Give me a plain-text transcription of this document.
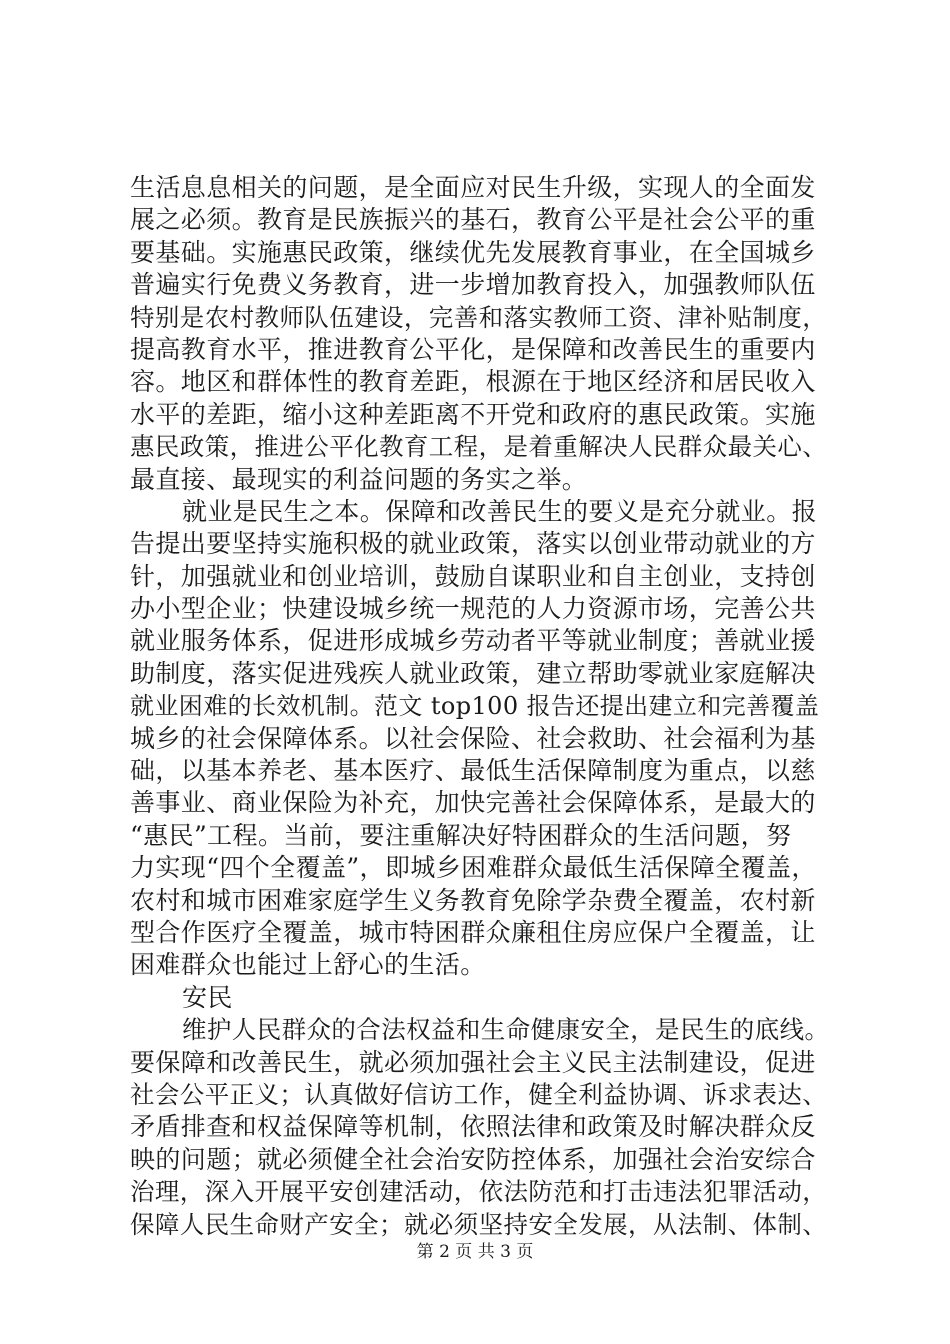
生活息息相关的问题，是全面应对民生升级，实现人的全面发
展之必须。教育是民族振兴的基石，教育公平是社会公平的重
要基础。实施惠民政策，继续优先发展教育事业，在全国城乡
普遍实行免费义务教育，进一步增加教育投入，加强教师队伍
特别是农村教师队伍建设，完善和落实教师工资、津补贴制度，
提高教育水平，推进教育公平化，是保障和改善民生的重要内
容。地区和群体性的教育差距，根源在于地区经济和居民收入
水平的差距，缩小这种差距离不开党和政府的惠民政策。实施
惠民政策，推进公平化教育工程，是着重解决人民群众最关心、
最直接、最现实的利益问题的务实之举。
就业是民生之本。保障和改善民生的要义是充分就业。报
告提出要坚持实施积极的就业政策，落实以创业带动就业的方
针，加强就业和创业培训，鼓励自谋职业和自主创业，支持创
办小型企业；快建设城乡统一规范的人力资源市场，完善公共
就业服务体系，促进形成城乡劳动者平等就业制度；善就业援
助制度，落实促进残疾人就业政策，建立帮助零就业家庭解决
就业困难的长效机制。范文 top100 报告还提出建立和完善覆盖
城乡的社会保障体系。以社会保险、社会救助、社会福利为基
础，以基本养老、基本医疗、最低生活保障制度为重点，以慈
善事业、商业保险为补充，加快完善社会保障体系，是最大的
“惠民”工程。当前，要注重解决好特困群众的生活问题，努
力实现“四个全覆盖”，即城乡困难群众最低生活保障全覆盖，
农村和城市困难家庭学生义务教育免除学杂费全覆盖，农村新
型合作医疗全覆盖，城市特困群众廉租住房应保户全覆盖，让
困难群众也能过上舒心的生活。
安民
维护人民群众的合法权益和生命健康安全，是民生的底线。
要保障和改善民生，就必须加强社会主义民主法制建设，促进
社会公平正义；认真做好信访工作，健全利益协调、诉求表达、
矛盾排查和权益保障等机制，依照法律和政策及时解决群众反
映的问题；就必须健全社会治安防控体系，加强社会治安综合
治理，深入开展平安创建活动，依法防范和打击违法犯罪活动，
保障人民生命财产安全；就必须坚持安全发展，从法制、体制、
第 2 页 共 3 页
